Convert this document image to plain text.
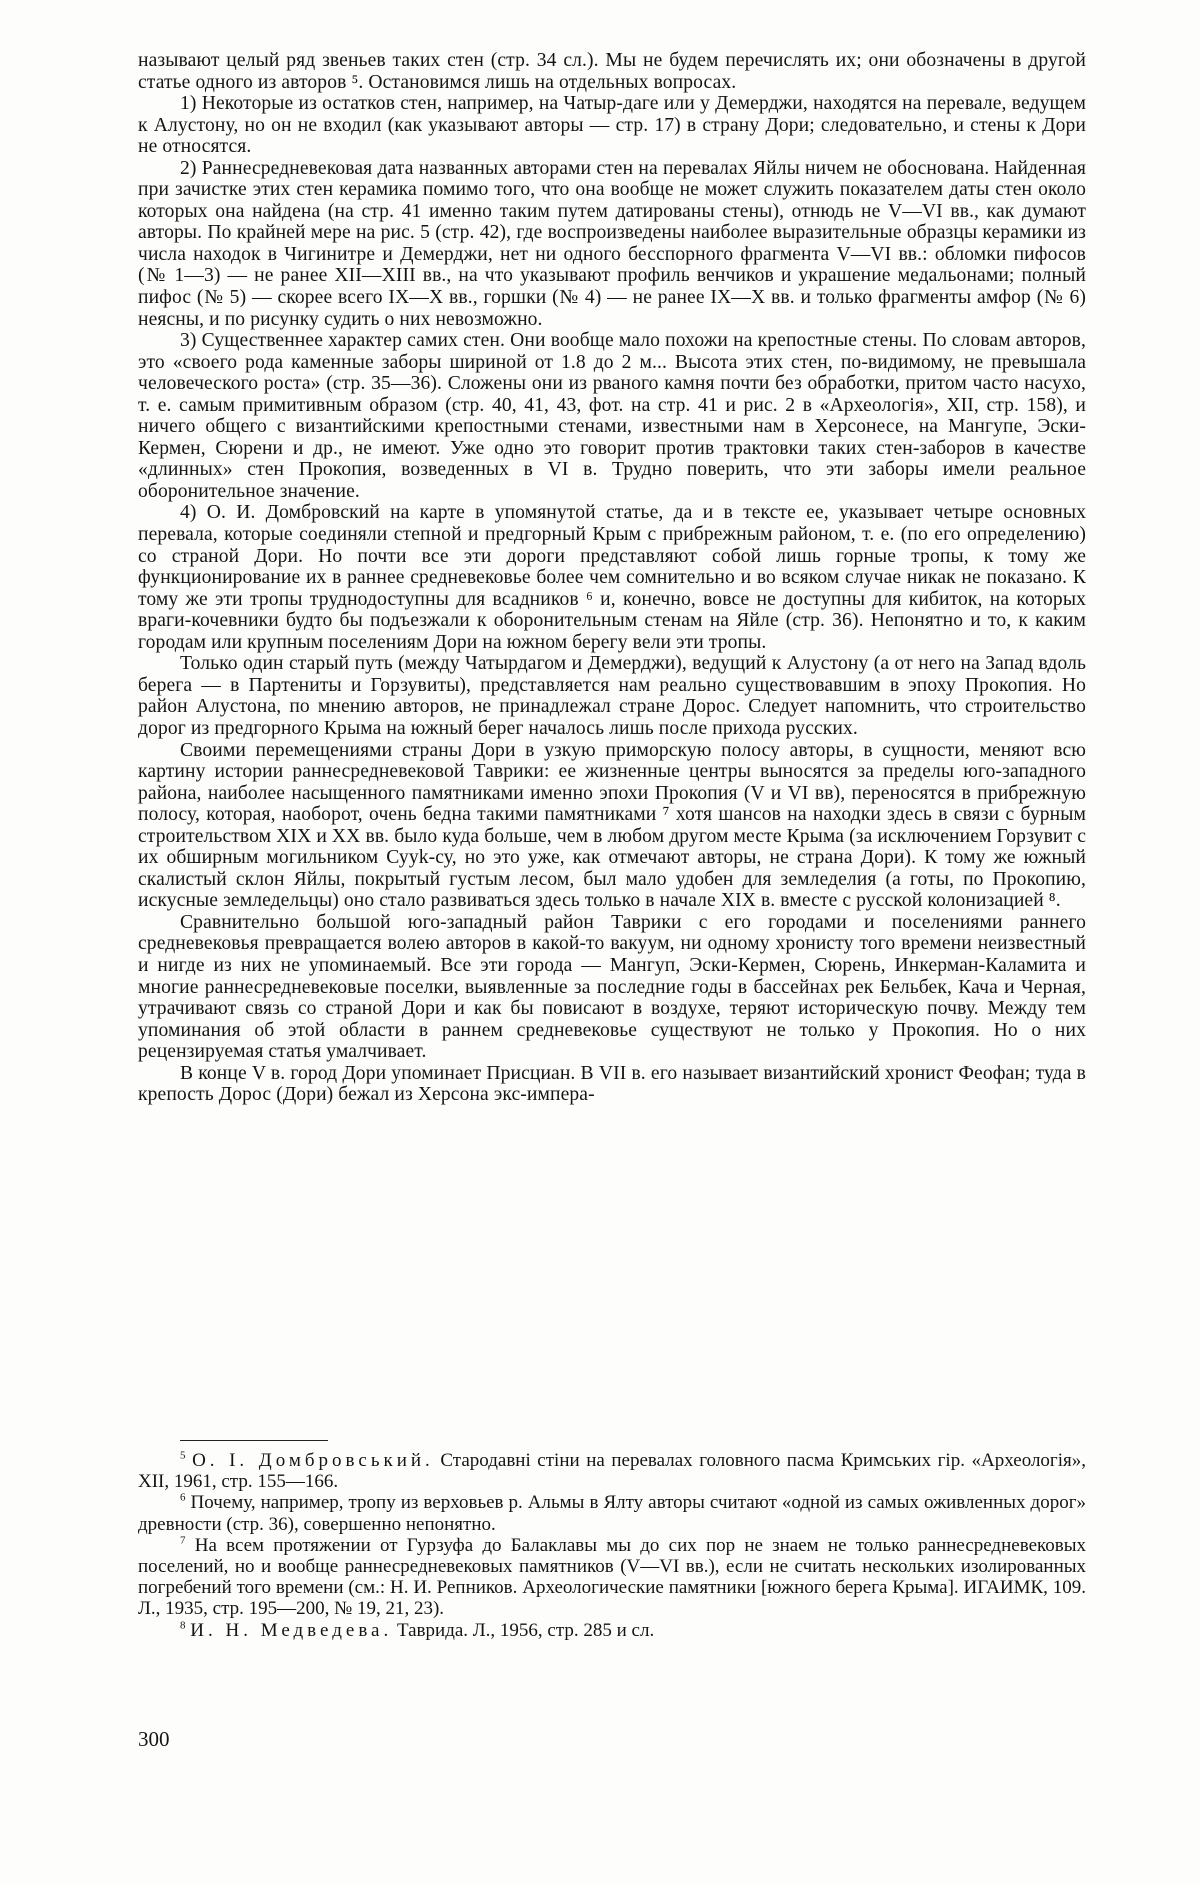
называют целый ряд звеньев таких стен (стр. 34 сл.). Мы не будем перечислять их; они обозначены в другой статье одного из авторов ⁵. Остановимся лишь на отдельных вопросах.

1) Некоторые из остатков стен, например, на Чатыр-даге или у Демерджи, находятся на перевале, ведущем к Алустону, но он не входил (как указывают авторы — стр. 17) в страну Дори; следовательно, и стены к Дори не относятся.

2) Раннесредневековая дата названных авторами стен на перевалах Яйлы ничем не обоснована. Найденная при зачистке этих стен керамика помимо того, что она вообще не может служить показателем даты стен около которых она найдена (на стр. 41 именно таким путем датированы стены), отнюдь не V—VI вв., как думают авторы. По крайней мере на рис. 5 (стр. 42), где воспроизведены наиболее выразительные образцы керамики из числа находок в Чигинитре и Демерджи, нет ни одного бесспорного фрагмента V—VI вв.: обломки пифосов (№ 1—3) — не ранее XII—XIII вв., на что указывают профиль венчиков и украшение медальонами; полный пифос (№ 5) — скорее всего IX—X вв., горшки (№ 4) — не ранее IX—X вв. и только фрагменты амфор (№ 6) неясны, и по рисунку судить о них невозможно.

3) Существеннее характер самих стен. Они вообще мало похожи на крепостные стены. По словам авторов, это «своего рода каменные заборы шириной от 1.8 до 2 м... Высота этих стен, по-видимому, не превышала человеческого роста» (стр. 35—36). Сложены они из рваного камня почти без обработки, притом часто насухо, т. е. самым примитивным образом (стр. 40, 41, 43, фот. на стр. 41 и рис. 2 в «Археологія», XII, стр. 158), и ничего общего с византийскими крепостными стенами, известными нам в Херсонесе, на Мангупе, Эски-Кермен, Сюрени и др., не имеют. Уже одно это говорит против трактовки таких стен-заборов в качестве «длинных» стен Прокопия, возведенных в VI в. Трудно поверить, что эти заборы имели реальное оборонительное значение.

4) О. И. Домбровский на карте в упомянутой статье, да и в тексте ее, указывает четыре основных перевала, которые соединяли степной и предгорный Крым с прибрежным районом, т. е. (по его определению) со страной Дори. Но почти все эти дороги представляют собой лишь горные тропы, к тому же функционирование их в раннее средневековье более чем сомнительно и во всяком случае никак не показано. К тому же эти тропы труднодоступны для всадников ⁶ и, конечно, вовсе не доступны для кибиток, на которых враги-кочевники будто бы подъезжали к оборонительным стенам на Яйле (стр. 36). Непонятно и то, к каким городам или крупным поселениям Дори на южном берегу вели эти тропы.

Только один старый путь (между Чатырдагом и Демерджи), ведущий к Алустону (а от него на Запад вдоль берега — в Партениты и Горзувиты), представляется нам реально существовавшим в эпоху Прокопия. Но район Алустона, по мнению авторов, не принадлежал стране Дорос. Следует напомнить, что строительство дорог из предгорного Крыма на южный берег началось лишь после прихода русских.

Своими перемещениями страны Дори в узкую приморскую полосу авторы, в сущности, меняют всю картину истории раннесредневековой Таврики: ее жизненные центры выносятся за пределы юго-западного района, наиболее насыщенного памятниками именно эпохи Прокопия (V и VI вв), переносятся в прибрежную полосу, которая, наоборот, очень бедна такими памятниками ⁷ хотя шансов на находки здесь в связи с бурным строительством XIX и XX вв. было куда больше, чем в любом другом месте Крыма (за исключением Горзувит с их обширным могильником Сууk-су, но это уже, как отмечают авторы, не страна Дори). К тому же южный скалистый склон Яйлы, покрытый густым лесом, был мало удобен для земледелия (а готы, по Прокопию, искусные земледельцы) оно стало развиваться здесь только в начале XIX в. вместе с русской колонизацией ⁸.

Сравнительно большой юго-западный район Таврики с его городами и поселениями раннего средневековья превращается волею авторов в какой-то вакуум, ни одному хронисту того времени неизвестный и нигде из них не упоминаемый. Все эти города — Мангуп, Эски-Кермен, Сюрень, Инкерман-Каламита и многие раннесредневековые поселки, выявленные за последние годы в бассейнах рек Бельбек, Кача и Черная, утрачивают связь со страной Дори и как бы повисают в воздухе, теряют историческую почву. Между тем упоминания об этой области в раннем средневековье существуют не только у Прокопия. Но о них рецензируемая статья умалчивает.

В конце V в. город Дори упоминает Присциан. В VII в. его называет византийский хронист Феофан; туда в крепость Дорос (Дори) бежал из Херсона экс-импера-

$^5$ О. І. Домбровський. Стародавні стіни на перевалах головного пасма Кримських гір. «Археологія», XII, 1961, стр. 155—166.

$^6$ Почему, например, тропу из верховьев р. Альмы в Ялту авторы считают «одной из самых оживленных дорог» древности (стр. 36), совершенно непонятно.

$^7$ На всем протяжении от Гурзуфа до Балаклавы мы до сих пор не знаем не только раннесредневековых поселений, но и вообще раннесредневековых памятников (V—VI вв.), если не считать нескольких изолированных погребений того времени (см.: Н. И. Репников. Археологические памятники [южного берега Крыма]. ИГАИМК, 109. Л., 1935, стр. 195—200, № 19, 21, 23).

$^8$ И. Н. Медведева. Таврида. Л., 1956, стр. 285 и сл.

300
